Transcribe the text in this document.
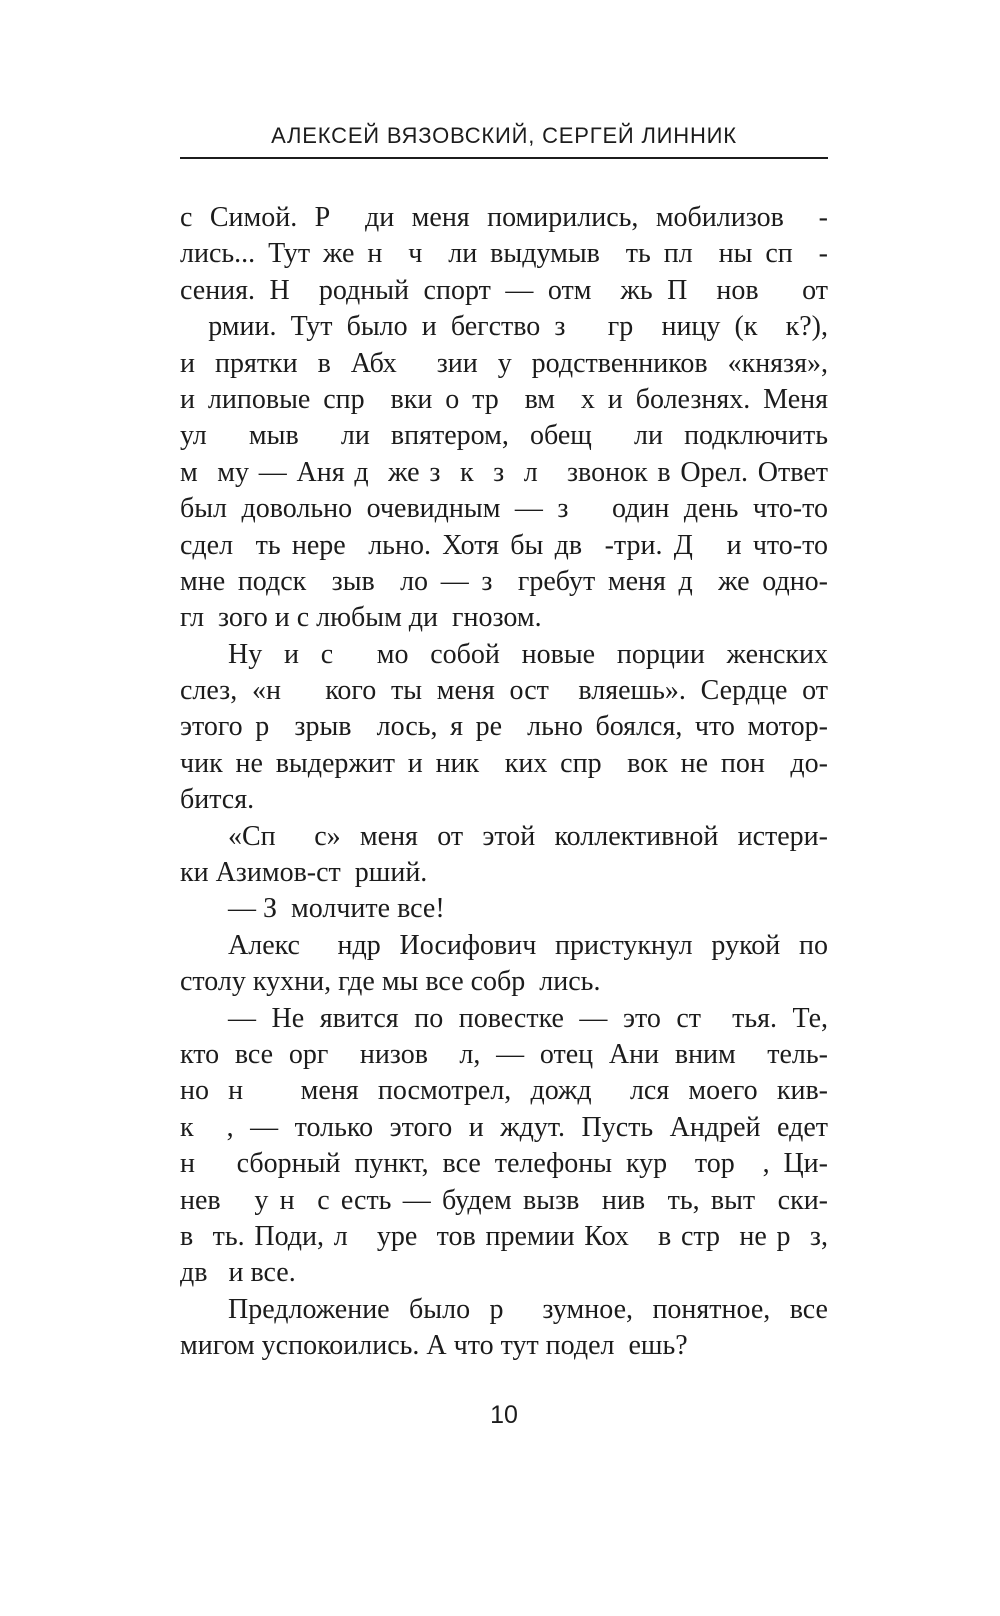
АЛЕКСЕЙ ВЯЗОВСКИЙ, СЕРГЕЙ ЛИННИК
с Симой. Р  ди меня помирились, мобилизов  -
лись... Тут же н  ч  ли выдумыв  ть пл  ны сп  -
сения. Н  родный спорт — отм  жь П  нов   от
рмии. Тут было и бегство з   гр  ницу (к  к?),
и прятки в Абх  зии у родственников «князя»,
и липовые спр  вки о тр  вм  х и болезнях. Меня
ул  мыв  ли впятером, обещ  ли подключить
м  му — Аня д  же з  к  з  л   звонок в Орел. Ответ
был довольно очевидным — з   один день что-то
сдел  ть нере  льно. Хотя бы дв  -три. Д   и что-то
мне подск  зыв  ло — з  гребут меня д  же одно-
гл  зого и с любым ди  гнозом.
Ну и с  мо собой новые порции женских
слез, «н   кого ты меня ост  вляешь». Сердце от
этого р  зрыв  лось, я ре  льно боялся, что мотор-
чик не выдержит и ник  ких спр  вок не пон  до-
бится.
«Сп  с» меня от этой коллективной истери-
ки Азимов-ст  рший.
— З  молчите все!
Алекс  ндр Иосифович пристукнул рукой по
столу кухни, где мы все собр  лись.
— Не явится по повестке — это ст  тья. Те,
кто все орг  низов  л, — отец Ани вним  тель-
но н   меня посмотрел, дожд  лся моего кив-
к  , — только этого и ждут. Пусть Андрей едет
н   сборный пункт, все телефоны кур  тор  , Ци-
нев   у н  с есть — будем вызв  нив  ть, выт  ски-
в  ть. Поди, л   уре  тов премии Кох   в стр  не р  з,
дв   и все.
Предложение было р  зумное, понятное, все
мигом успокоились. А что тут подел  ешь?
10
